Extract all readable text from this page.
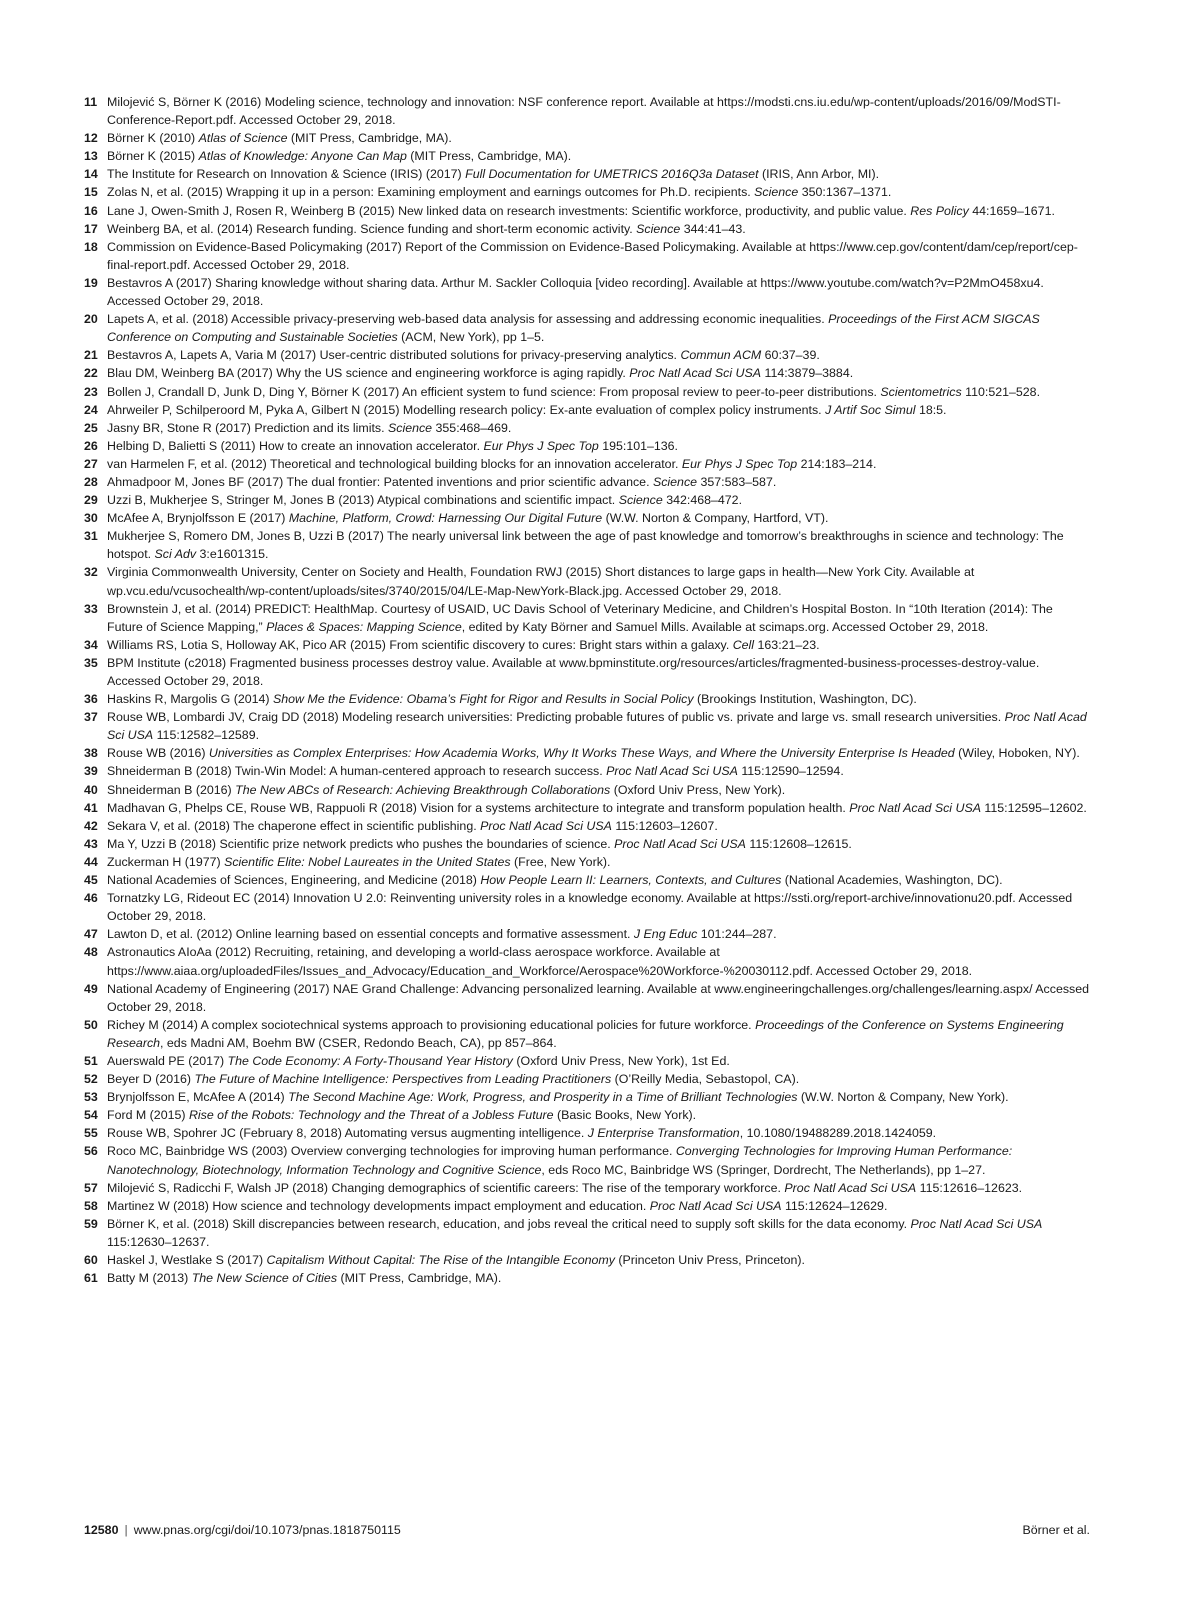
11 Milojević S, Börner K (2016) Modeling science, technology and innovation: NSF conference report. Available at https://modsti.cns.iu.edu/wp-content/uploads/2016/09/ModSTI-Conference-Report.pdf. Accessed October 29, 2018.
12 Börner K (2010) Atlas of Science (MIT Press, Cambridge, MA).
13 Börner K (2015) Atlas of Knowledge: Anyone Can Map (MIT Press, Cambridge, MA).
14 The Institute for Research on Innovation & Science (IRIS) (2017) Full Documentation for UMETRICS 2016Q3a Dataset (IRIS, Ann Arbor, MI).
15 Zolas N, et al. (2015) Wrapping it up in a person: Examining employment and earnings outcomes for Ph.D. recipients. Science 350:1367–1371.
16 Lane J, Owen-Smith J, Rosen R, Weinberg B (2015) New linked data on research investments: Scientific workforce, productivity, and public value. Res Policy 44:1659–1671.
17 Weinberg BA, et al. (2014) Research funding. Science funding and short-term economic activity. Science 344:41–43.
18 Commission on Evidence-Based Policymaking (2017) Report of the Commission on Evidence-Based Policymaking. Available at https://www.cep.gov/content/dam/cep/report/cep-final-report.pdf. Accessed October 29, 2018.
19 Bestavros A (2017) Sharing knowledge without sharing data. Arthur M. Sackler Colloquia [video recording]. Available at https://www.youtube.com/watch?v=P2MmO458xu4. Accessed October 29, 2018.
20 Lapets A, et al. (2018) Accessible privacy-preserving web-based data analysis for assessing and addressing economic inequalities. Proceedings of the First ACM SIGCAS Conference on Computing and Sustainable Societies (ACM, New York), pp 1–5.
21 Bestavros A, Lapets A, Varia M (2017) User-centric distributed solutions for privacy-preserving analytics. Commun ACM 60:37–39.
22 Blau DM, Weinberg BA (2017) Why the US science and engineering workforce is aging rapidly. Proc Natl Acad Sci USA 114:3879–3884.
23 Bollen J, Crandall D, Junk D, Ding Y, Börner K (2017) An efficient system to fund science: From proposal review to peer-to-peer distributions. Scientometrics 110:521–528.
24 Ahrweiler P, Schilperoord M, Pyka A, Gilbert N (2015) Modelling research policy: Ex-ante evaluation of complex policy instruments. J Artif Soc Simul 18:5.
25 Jasny BR, Stone R (2017) Prediction and its limits. Science 355:468–469.
26 Helbing D, Balietti S (2011) How to create an innovation accelerator. Eur Phys J Spec Top 195:101–136.
27 van Harmelen F, et al. (2012) Theoretical and technological building blocks for an innovation accelerator. Eur Phys J Spec Top 214:183–214.
28 Ahmadpoor M, Jones BF (2017) The dual frontier: Patented inventions and prior scientific advance. Science 357:583–587.
29 Uzzi B, Mukherjee S, Stringer M, Jones B (2013) Atypical combinations and scientific impact. Science 342:468–472.
30 McAfee A, Brynjolfsson E (2017) Machine, Platform, Crowd: Harnessing Our Digital Future (W.W. Norton & Company, Hartford, VT).
31 Mukherjee S, Romero DM, Jones B, Uzzi B (2017) The nearly universal link between the age of past knowledge and tomorrow’s breakthroughs in science and technology: The hotspot. Sci Adv 3:e1601315.
32 Virginia Commonwealth University, Center on Society and Health, Foundation RWJ (2015) Short distances to large gaps in health—New York City. Available at wp.vcu.edu/vcusochealth/wp-content/uploads/sites/3740/2015/04/LE-Map-NewYork-Black.jpg. Accessed October 29, 2018.
33 Brownstein J, et al. (2014) PREDICT: HealthMap. Courtesy of USAID, UC Davis School of Veterinary Medicine, and Children’s Hospital Boston. In “10th Iteration (2014): The Future of Science Mapping,” Places & Spaces: Mapping Science, edited by Katy Börner and Samuel Mills. Available at scimaps.org. Accessed October 29, 2018.
34 Williams RS, Lotia S, Holloway AK, Pico AR (2015) From scientific discovery to cures: Bright stars within a galaxy. Cell 163:21–23.
35 BPM Institute (c2018) Fragmented business processes destroy value. Available at www.bpminstitute.org/resources/articles/fragmented-business-processes-destroy-value. Accessed October 29, 2018.
36 Haskins R, Margolis G (2014) Show Me the Evidence: Obama’s Fight for Rigor and Results in Social Policy (Brookings Institution, Washington, DC).
37 Rouse WB, Lombardi JV, Craig DD (2018) Modeling research universities: Predicting probable futures of public vs. private and large vs. small research universities. Proc Natl Acad Sci USA 115:12582–12589.
38 Rouse WB (2016) Universities as Complex Enterprises: How Academia Works, Why It Works These Ways, and Where the University Enterprise Is Headed (Wiley, Hoboken, NY).
39 Shneiderman B (2018) Twin-Win Model: A human-centered approach to research success. Proc Natl Acad Sci USA 115:12590–12594.
40 Shneiderman B (2016) The New ABCs of Research: Achieving Breakthrough Collaborations (Oxford Univ Press, New York).
41 Madhavan G, Phelps CE, Rouse WB, Rappuoli R (2018) Vision for a systems architecture to integrate and transform population health. Proc Natl Acad Sci USA 115:12595–12602.
42 Sekara V, et al. (2018) The chaperone effect in scientific publishing. Proc Natl Acad Sci USA 115:12603–12607.
43 Ma Y, Uzzi B (2018) Scientific prize network predicts who pushes the boundaries of science. Proc Natl Acad Sci USA 115:12608–12615.
44 Zuckerman H (1977) Scientific Elite: Nobel Laureates in the United States (Free, New York).
45 National Academies of Sciences, Engineering, and Medicine (2018) How People Learn II: Learners, Contexts, and Cultures (National Academies, Washington, DC).
46 Tornatzky LG, Rideout EC (2014) Innovation U 2.0: Reinventing university roles in a knowledge economy. Available at https://ssti.org/report-archive/innovationu20.pdf. Accessed October 29, 2018.
47 Lawton D, et al. (2012) Online learning based on essential concepts and formative assessment. J Eng Educ 101:244–287.
48 Astronautics AIoAa (2012) Recruiting, retaining, and developing a world-class aerospace workforce. Available at https://www.aiaa.org/uploadedFiles/Issues_and_Advocacy/Education_and_Workforce/Aerospace%20Workforce-%20030112.pdf. Accessed October 29, 2018.
49 National Academy of Engineering (2017) NAE Grand Challenge: Advancing personalized learning. Available at www.engineeringchallenges.org/challenges/learning.aspx/ Accessed October 29, 2018.
50 Richey M (2014) A complex sociotechnical systems approach to provisioning educational policies for future workforce. Proceedings of the Conference on Systems Engineering Research, eds Madni AM, Boehm BW (CSER, Redondo Beach, CA), pp 857–864.
51 Auerswald PE (2017) The Code Economy: A Forty-Thousand Year History (Oxford Univ Press, New York), 1st Ed.
52 Beyer D (2016) The Future of Machine Intelligence: Perspectives from Leading Practitioners (O’Reilly Media, Sebastopol, CA).
53 Brynjolfsson E, McAfee A (2014) The Second Machine Age: Work, Progress, and Prosperity in a Time of Brilliant Technologies (W.W. Norton & Company, New York).
54 Ford M (2015) Rise of the Robots: Technology and the Threat of a Jobless Future (Basic Books, New York).
55 Rouse WB, Spohrer JC (February 8, 2018) Automating versus augmenting intelligence. J Enterprise Transformation, 10.1080/19488289.2018.1424059.
56 Roco MC, Bainbridge WS (2003) Overview converging technologies for improving human performance. Converging Technologies for Improving Human Performance: Nanotechnology, Biotechnology, Information Technology and Cognitive Science, eds Roco MC, Bainbridge WS (Springer, Dordrecht, The Netherlands), pp 1–27.
57 Milojević S, Radicchi F, Walsh JP (2018) Changing demographics of scientific careers: The rise of the temporary workforce. Proc Natl Acad Sci USA 115:12616–12623.
58 Martinez W (2018) How science and technology developments impact employment and education. Proc Natl Acad Sci USA 115:12624–12629.
59 Börner K, et al. (2018) Skill discrepancies between research, education, and jobs reveal the critical need to supply soft skills for the data economy. Proc Natl Acad Sci USA 115:12630–12637.
60 Haskel J, Westlake S (2017) Capitalism Without Capital: The Rise of the Intangible Economy (Princeton Univ Press, Princeton).
61 Batty M (2013) The New Science of Cities (MIT Press, Cambridge, MA).
12580 | www.pnas.org/cgi/doi/10.1073/pnas.1818750115	Börner et al.
